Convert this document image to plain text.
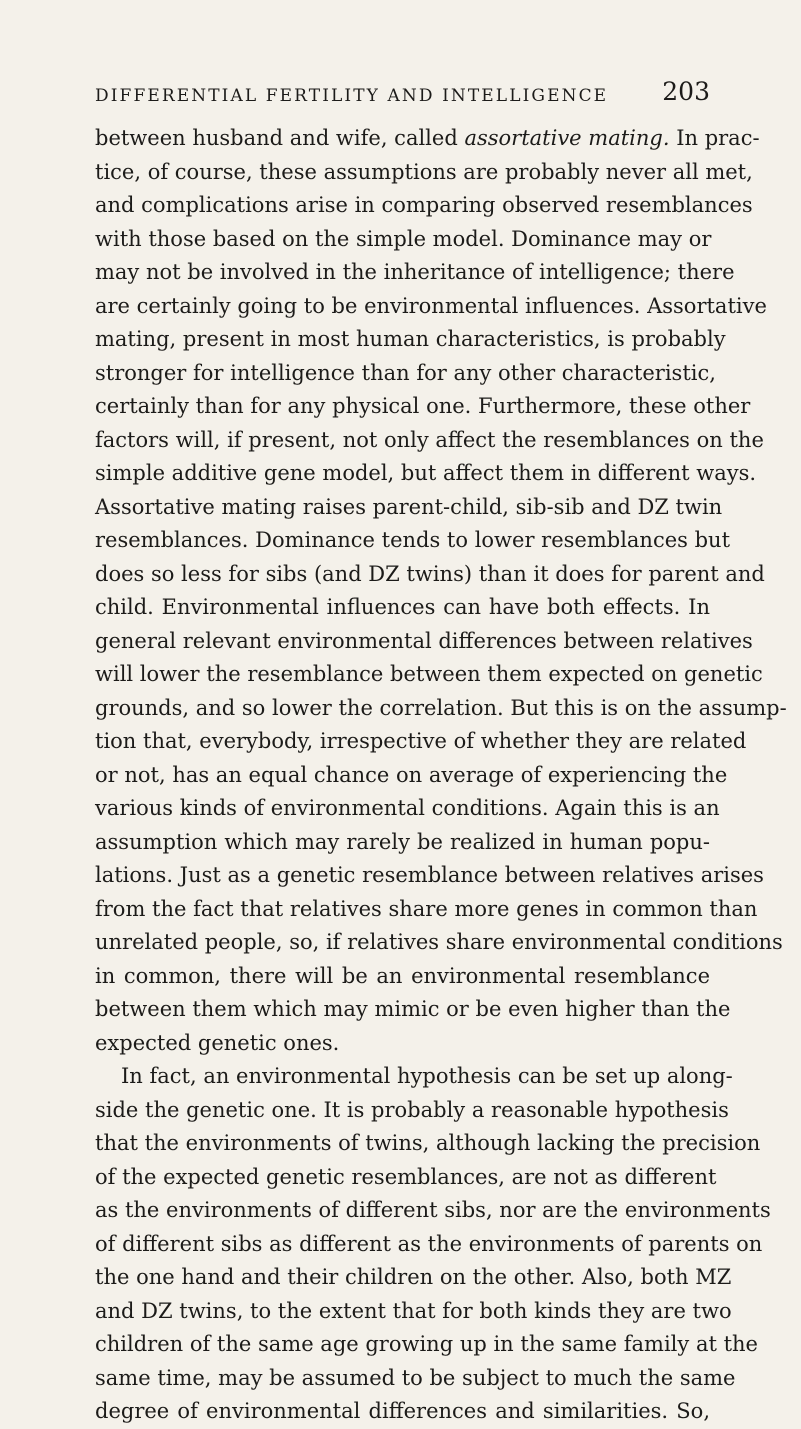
DIFFERENTIAL FERTILITY AND INTELLIGENCE 203
between husband and wife, called assortative mating. In prac-
tice, of course, these assumptions are probably never all met,
and complications arise in comparing observed resemblances
with those based on the simple model. Dominance may or
may not be involved in the inheritance of intelligence; there
are certainly going to be environmental influences. Assortative
mating, present in most human characteristics, is probably
stronger for intelligence than for any other characteristic,
certainly than for any physical one. Furthermore, these other
factors will, if present, not only affect the resemblances on the
simple additive gene model, but affect them in different ways.
Assortative mating raises parent-child, sib-sib and DZ twin
resemblances. Dominance tends to lower resemblances but
does so less for sibs (and DZ twins) than it does for parent and
child. Environmental influences can have both effects. In
general relevant environmental differences between relatives
will lower the resemblance between them expected on genetic
grounds, and so lower the correlation. But this is on the assump-
tion that, everybody, irrespective of whether they are related
or not, has an equal chance on average of experiencing the
various kinds of environmental conditions. Again this is an
assumption which may rarely be realized in human popu-
lations. Just as a genetic resemblance between relatives arises
from the fact that relatives share more genes in common than
unrelated people, so, if relatives share environmental conditions
in common, there will be an environmental resemblance
between them which may mimic or be even higher than the
expected genetic ones.
In fact, an environmental hypothesis can be set up along-
side the genetic one. It is probably a reasonable hypothesis
that the environments of twins, although lacking the precision
of the expected genetic resemblances, are not as different
as the environments of different sibs, nor are the environments
of different sibs as different as the environments of parents on
the one hand and their children on the other. Also, both MZ
and DZ twins, to the extent that for both kinds they are two
children of the same age growing up in the same family at the
same time, may be assumed to be subject to much the same
degree of environmental differences and similarities. So,
